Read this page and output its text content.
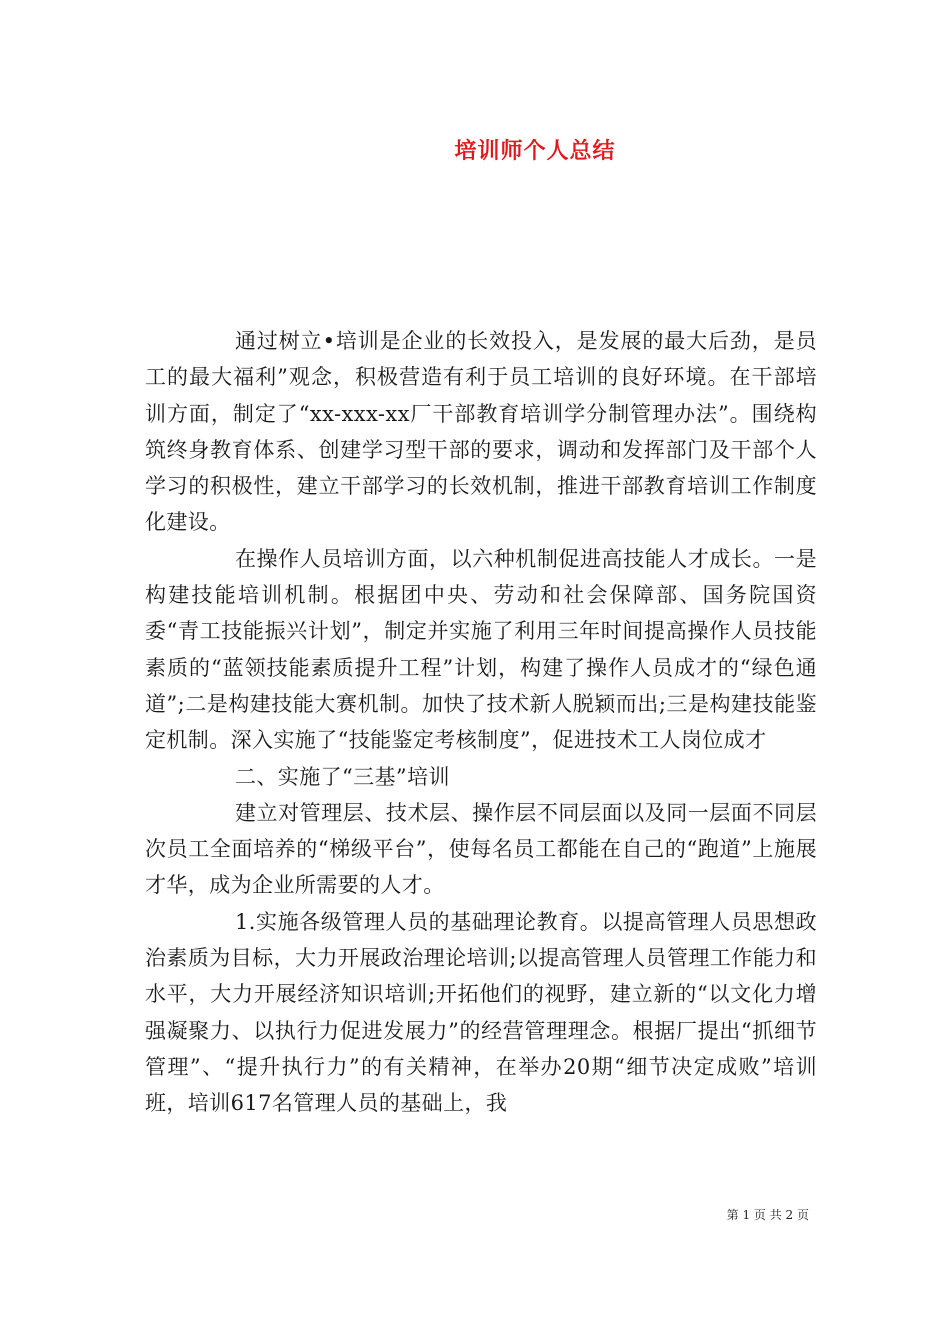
培训师个人总结

通过树立•培训是企业的长效投入，是发展的最大后劲，是员工的最大福利”观念，积极营造有利于员工培训的良好环境。在干部培训方面，制定了“xx-xxx-xx厂干部教育培训学分制管理办法”。围绕构筑终身教育体系、创建学习型干部的要求，调动和发挥部门及干部个人学习的积极性，建立干部学习的长效机制，推进干部教育培训工作制度化建设。

在操作人员培训方面，以六种机制促进高技能人才成长。一是构建技能培训机制。根据团中央、劳动和社会保障部、国务院国资委“青工技能振兴计划”，制定并实施了利用三年时间提高操作人员技能素质的“蓝领技能素质提升工程”计划，构建了操作人员成才的“绿色通道”;二是构建技能大赛机制。加快了技术新人脱颖而出;三是构建技能鉴定机制。深入实施了“技能鉴定考核制度”，促进技术工人岗位成才

二、实施了“三基”培训

建立对管理层、技术层、操作层不同层面以及同一层面不同层次员工全面培养的“梯级平台”，使每名员工都能在自己的“跑道”上施展才华，成为企业所需要的人才。

1.实施各级管理人员的基础理论教育。以提高管理人员思想政治素质为目标，大力开展政治理论培训;以提高管理人员管理工作能力和水平，大力开展经济知识培训;开拓他们的视野，建立新的“以文化力增强凝聚力、以执行力促进发展力”的经营管理理念。根据厂提出“抓细节管理”、“提升执行力”的有关精神，在举办20期“细节决定成败”培训班，培训617名管理人员的基础上，我

第 1 页 共 2 页
